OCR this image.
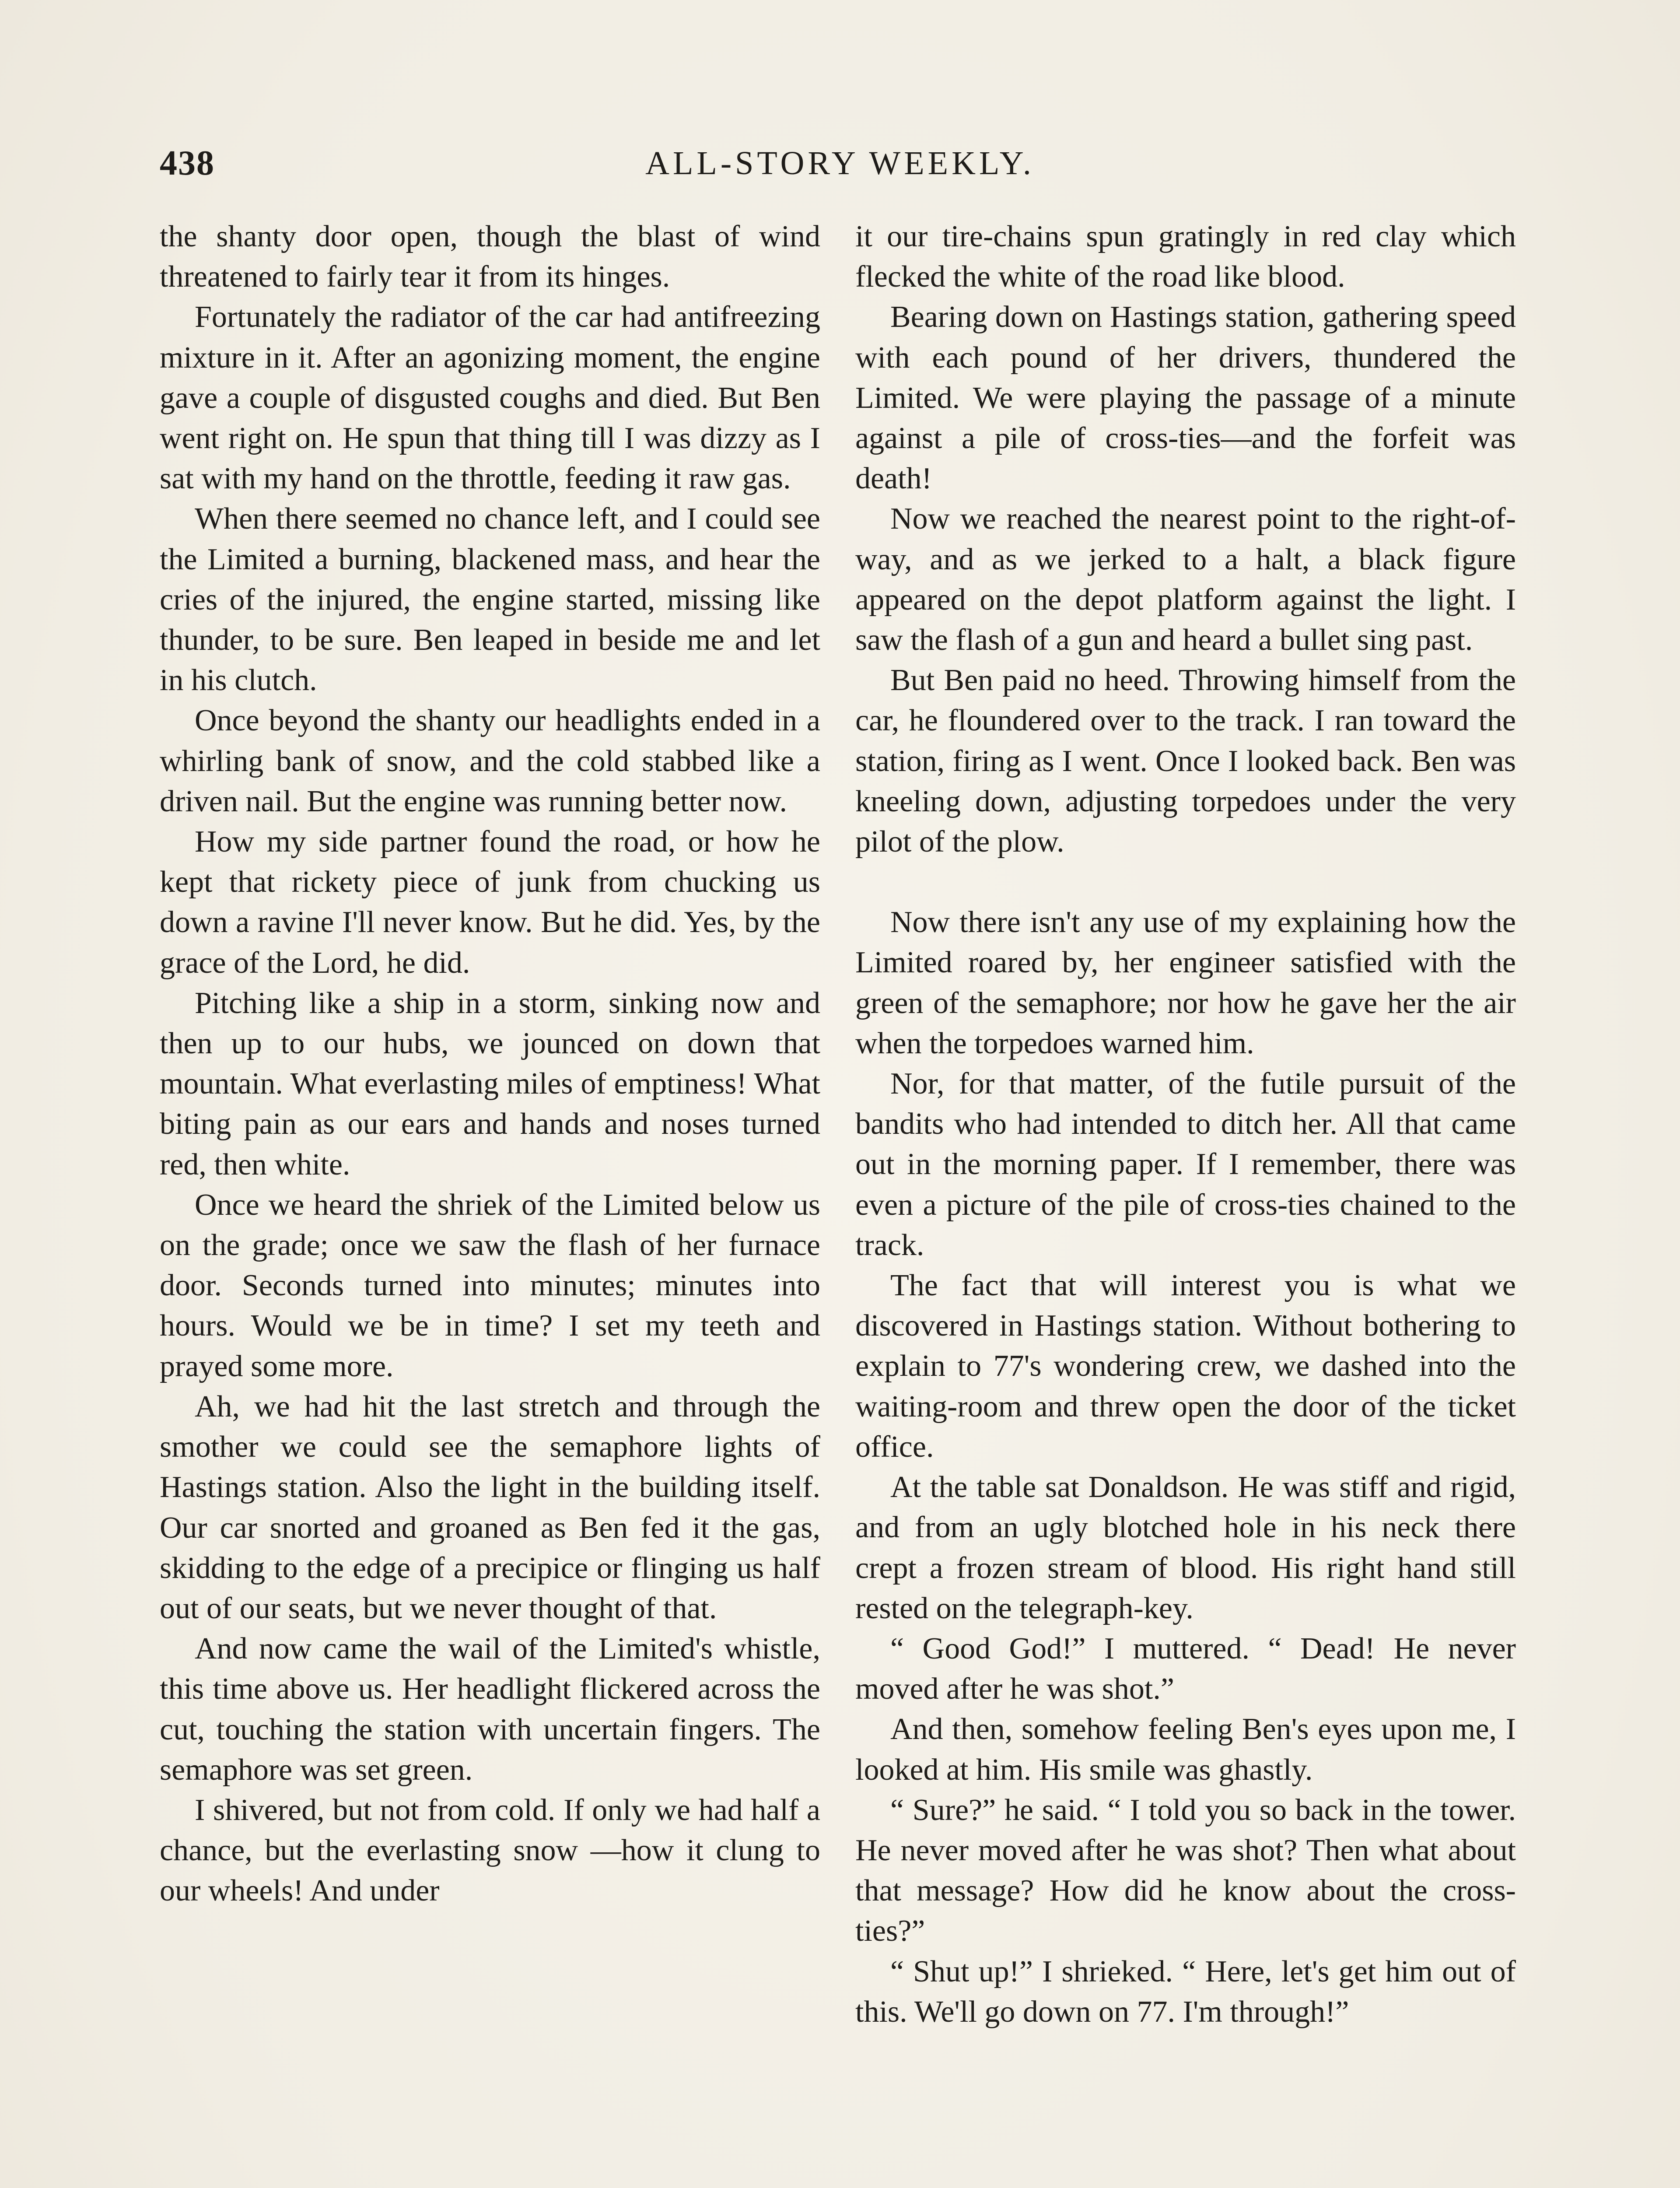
438	ALL-STORY WEEKLY.

the shanty door open, though the blast of wind threatened to fairly tear it from its hinges.

Fortunately the radiator of the car had antifreezing mixture in it. After an agonizing moment, the engine gave a couple of disgusted coughs and died. But Ben went right on. He spun that thing till I was dizzy as I sat with my hand on the throttle, feeding it raw gas.

When there seemed no chance left, and I could see the Limited a burning, blackened mass, and hear the cries of the injured, the engine started, missing like thunder, to be sure. Ben leaped in beside me and let in his clutch.

Once beyond the shanty our headlights ended in a whirling bank of snow, and the cold stabbed like a driven nail. But the engine was running better now.

How my side partner found the road, or how he kept that rickety piece of junk from chucking us down a ravine I'll never know. But he did. Yes, by the grace of the Lord, he did.

Pitching like a ship in a storm, sinking now and then up to our hubs, we jounced on down that mountain. What everlasting miles of emptiness! What biting pain as our ears and hands and noses turned red, then white.

Once we heard the shriek of the Limited below us on the grade; once we saw the flash of her furnace door. Seconds turned into minutes; minutes into hours. Would we be in time? I set my teeth and prayed some more.

Ah, we had hit the last stretch and through the smother we could see the semaphore lights of Hastings station. Also the light in the building itself. Our car snorted and groaned as Ben fed it the gas, skidding to the edge of a precipice or flinging us half out of our seats, but we never thought of that.

And now came the wail of the Limited's whistle, this time above us. Her headlight flickered across the cut, touching the station with uncertain fingers. The semaphore was set green.

I shivered, but not from cold. If only we had half a chance, but the everlasting snow —how it clung to our wheels! And under

it our tire-chains spun gratingly in red clay which flecked the white of the road like blood.

Bearing down on Hastings station, gathering speed with each pound of her drivers, thundered the Limited. We were playing the passage of a minute against a pile of cross-ties—and the forfeit was death!

Now we reached the nearest point to the right-of-way, and as we jerked to a halt, a black figure appeared on the depot platform against the light. I saw the flash of a gun and heard a bullet sing past.

But Ben paid no heed. Throwing himself from the car, he floundered over to the track. I ran toward the station, firing as I went. Once I looked back. Ben was kneeling down, adjusting torpedoes under the very pilot of the plow.

Now there isn't any use of my explaining how the Limited roared by, her engineer satisfied with the green of the semaphore; nor how he gave her the air when the torpedoes warned him.

Nor, for that matter, of the futile pursuit of the bandits who had intended to ditch her. All that came out in the morning paper. If I remember, there was even a picture of the pile of cross-ties chained to the track.

The fact that will interest you is what we discovered in Hastings station. Without bothering to explain to 77's wondering crew, we dashed into the waiting-room and threw open the door of the ticket office.

At the table sat Donaldson. He was stiff and rigid, and from an ugly blotched hole in his neck there crept a frozen stream of blood. His right hand still rested on the telegraph-key.

“ Good God!” I muttered. “ Dead! He never moved after he was shot.”

And then, somehow feeling Ben's eyes upon me, I looked at him. His smile was ghastly.

“ Sure?” he said. “ I told you so back in the tower. He never moved after he was shot? Then what about that message? How did he know about the cross-ties?”

“ Shut up!” I shrieked. “ Here, let's get him out of this. We'll go down on 77. I'm through!”
